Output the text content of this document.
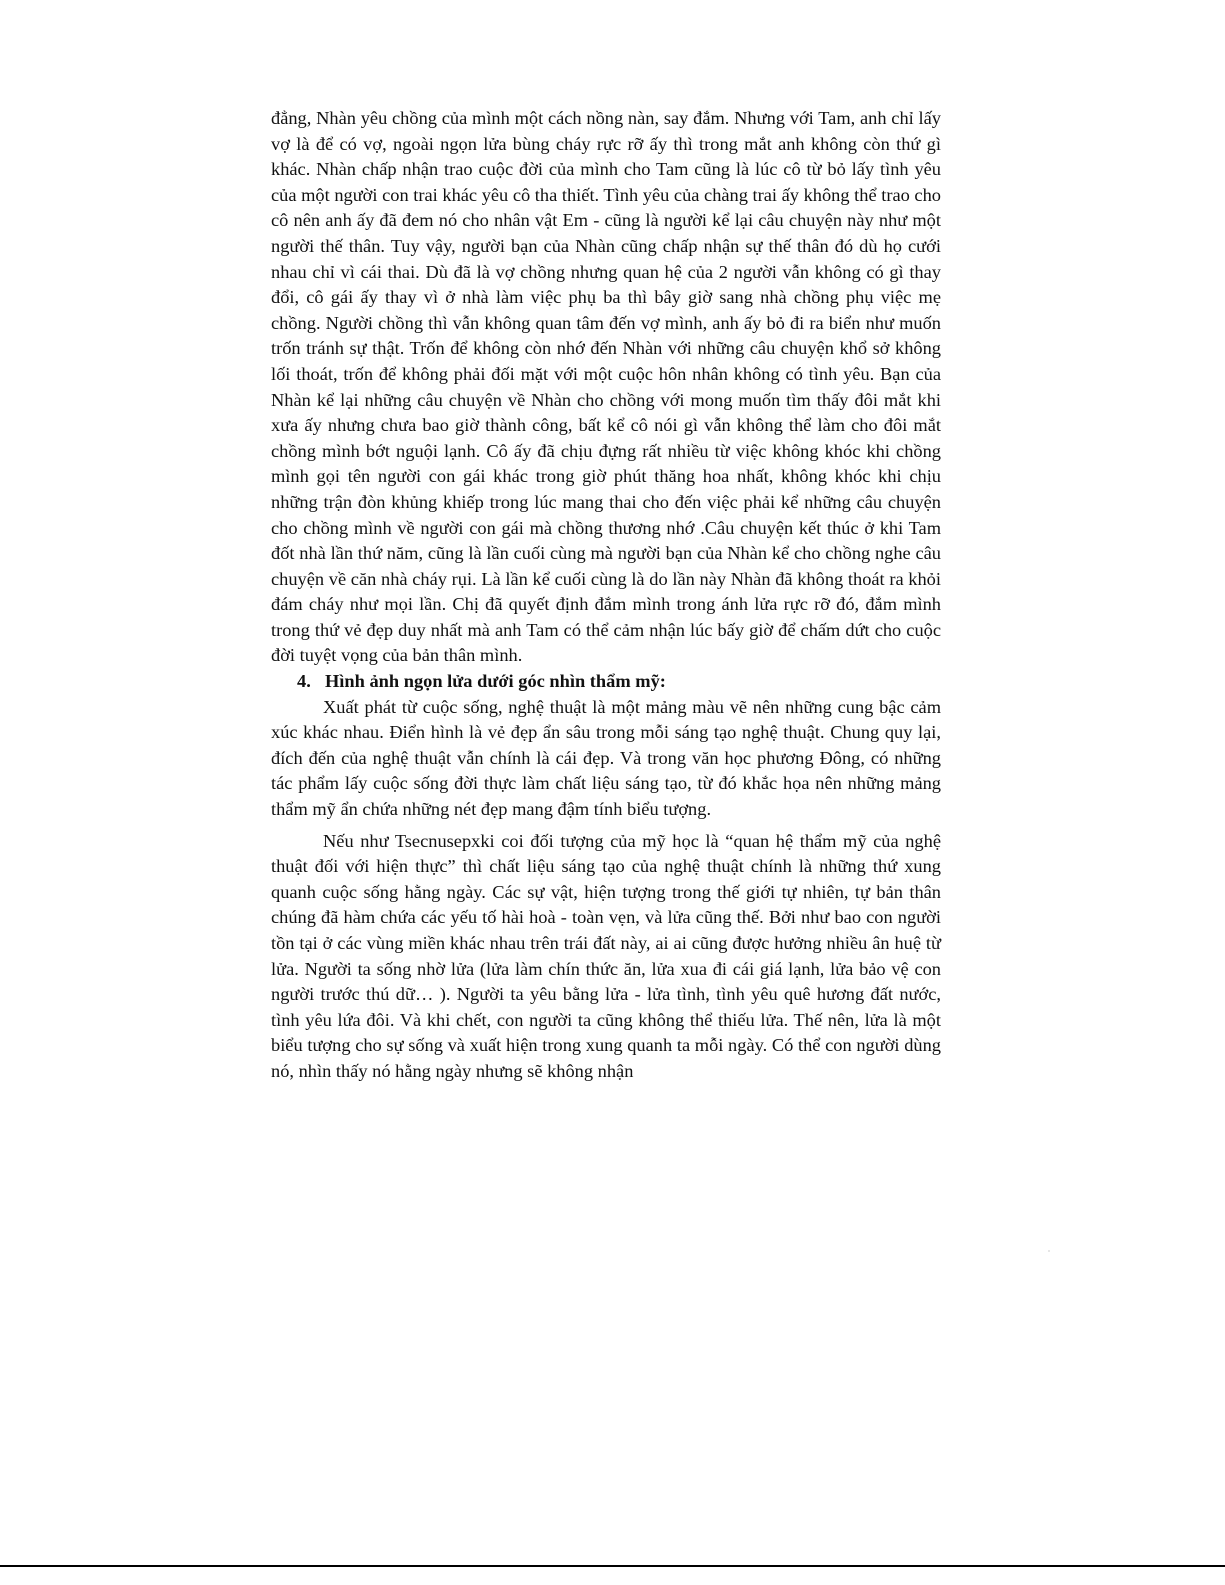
đẳng, Nhàn yêu chồng của mình một cách nồng nàn, say đắm. Nhưng với Tam, anh chỉ lấy vợ là để có vợ, ngoài ngọn lửa bùng cháy rực rỡ ấy thì trong mắt anh không còn thứ gì khác. Nhàn chấp nhận trao cuộc đời của mình cho Tam cũng là lúc cô từ bỏ lấy tình yêu của một người con trai khác yêu cô tha thiết. Tình yêu của chàng trai ấy không thể trao cho cô nên anh ấy đã đem nó cho nhân vật Em - cũng là người kể lại câu chuyện này như một người thế thân. Tuy vậy, người bạn của Nhàn cũng chấp nhận sự thế thân đó dù họ cưới nhau chỉ vì cái thai. Dù đã là vợ chồng nhưng quan hệ của 2 người vẫn không có gì thay đổi, cô gái ấy thay vì ở nhà làm việc phụ ba thì bây giờ sang nhà chồng phụ việc mẹ chồng. Người chồng thì vẫn không quan tâm đến vợ mình, anh ấy bỏ đi ra biển như muốn trốn tránh sự thật. Trốn để không còn nhớ đến Nhàn với những câu chuyện khổ sở không lối thoát, trốn để không phải đối mặt với một cuộc hôn nhân không có tình yêu. Bạn của Nhàn kể lại những câu chuyện về Nhàn cho chồng với mong muốn tìm thấy đôi mắt khi xưa ấy nhưng chưa bao giờ thành công, bất kể cô nói gì vẫn không thể làm cho đôi mắt chồng mình bớt nguội lạnh. Cô ấy đã chịu đựng rất nhiều từ việc không khóc khi chồng mình gọi tên người con gái khác trong giờ phút thăng hoa nhất, không khóc khi chịu những trận đòn khủng khiếp trong lúc mang thai cho đến việc phải kể những câu chuyện cho chồng mình về người con gái mà chồng thương nhớ .Câu chuyện kết thúc ở khi Tam đốt nhà lần thứ năm, cũng là lần cuối cùng mà người bạn của Nhàn kể cho chồng nghe câu chuyện về căn nhà cháy rụi. Là lần kể cuối cùng là do lần này Nhàn đã không thoát ra khỏi đám cháy như mọi lần. Chị đã quyết định đắm mình trong ánh lửa rực rỡ đó, đắm mình trong thứ vẻ đẹp duy nhất mà anh Tam có thể cảm nhận lúc bấy giờ để chấm dứt cho cuộc đời tuyệt vọng của bản thân mình.

4. Hình ảnh ngọn lửa dưới góc nhìn thẩm mỹ:

Xuất phát từ cuộc sống, nghệ thuật là một mảng màu vẽ nên những cung bậc cảm xúc khác nhau. Điển hình là vẻ đẹp ẩn sâu trong mỗi sáng tạo nghệ thuật. Chung quy lại, đích đến của nghệ thuật vẫn chính là cái đẹp. Và trong văn học phương Đông, có những tác phẩm lấy cuộc sống đời thực làm chất liệu sáng tạo, từ đó khắc họa nên những mảng thẩm mỹ ẩn chứa những nét đẹp mang đậm tính biểu tượng.

Nếu như Tsecnusepxki coi đối tượng của mỹ học là “quan hệ thẩm mỹ của nghệ thuật đối với hiện thực” thì chất liệu sáng tạo của nghệ thuật chính là những thứ xung quanh cuộc sống hằng ngày. Các sự vật, hiện tượng trong thế giới tự nhiên, tự bản thân chúng đã hàm chứa các yếu tố hài hoà - toàn vẹn, và lửa cũng thế. Bởi như bao con người tồn tại ở các vùng miền khác nhau trên trái đất này, ai ai cũng được hưởng nhiều ân huệ từ lửa. Người ta sống nhờ lửa (lửa làm chín thức ăn, lửa xua đi cái giá lạnh, lửa bảo vệ con người trước thú dữ… ). Người ta yêu bằng lửa - lửa tình, tình yêu quê hương đất nước, tình yêu lứa đôi. Và khi chết, con người ta cũng không thể thiếu lửa. Thế nên, lửa là một biểu tượng cho sự sống và xuất hiện trong xung quanh ta mỗi ngày. Có thể con người dùng nó, nhìn thấy nó hằng ngày nhưng sẽ không nhận
